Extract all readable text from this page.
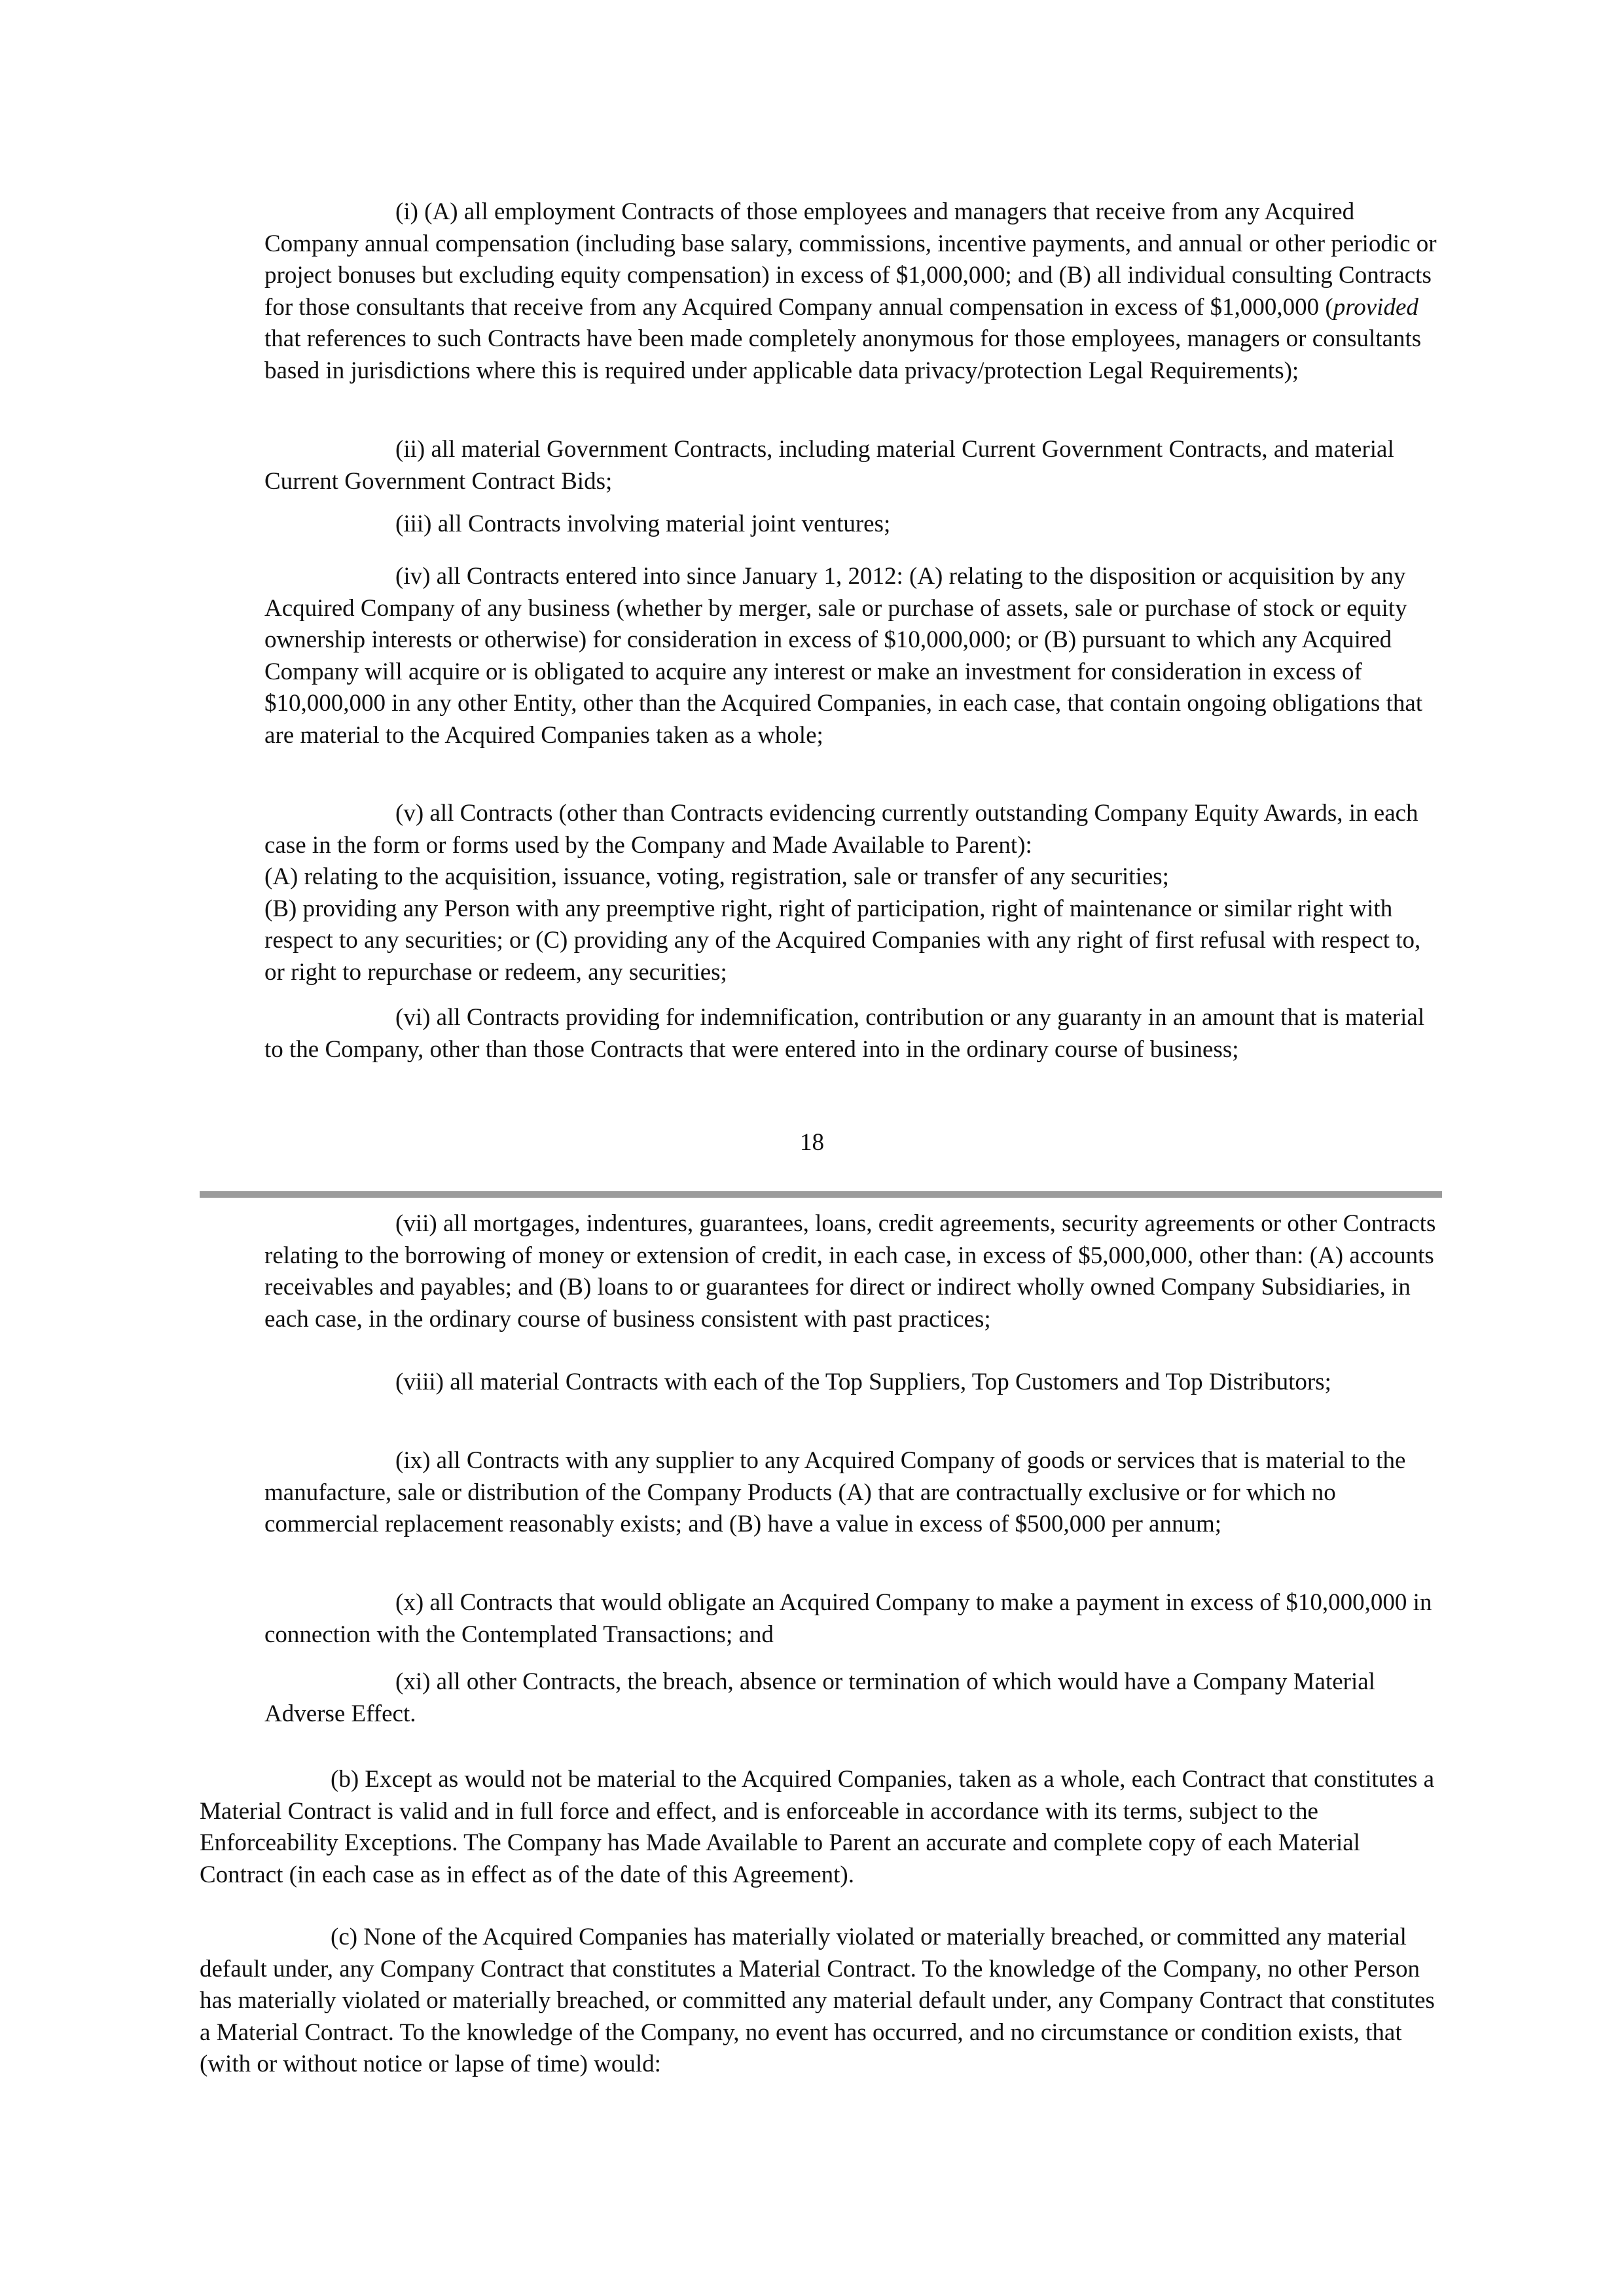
(i) (A) all employment Contracts of those employees and managers that receive from any Acquired Company annual compensation (including base salary, commissions, incentive payments, and annual or other periodic or project bonuses but excluding equity compensation) in excess of $1,000,000; and (B) all individual consulting Contracts for those consultants that receive from any Acquired Company annual compensation in excess of $1,000,000 (provided that references to such Contracts have been made completely anonymous for those employees, managers or consultants based in jurisdictions where this is required under applicable data privacy/protection Legal Requirements);

(ii) all material Government Contracts, including material Current Government Contracts, and material Current Government Contract Bids;

(iii) all Contracts involving material joint ventures;

(iv) all Contracts entered into since January 1, 2012: (A) relating to the disposition or acquisition by any Acquired Company of any business (whether by merger, sale or purchase of assets, sale or purchase of stock or equity ownership interests or otherwise) for consideration in excess of $10,000,000; or (B) pursuant to which any Acquired Company will acquire or is obligated to acquire any interest or make an investment for consideration in excess of $10,000,000 in any other Entity, other than the Acquired Companies, in each case, that contain ongoing obligations that are material to the Acquired Companies taken as a whole;

(v) all Contracts (other than Contracts evidencing currently outstanding Company Equity Awards, in each case in the form or forms used by the Company and Made Available to Parent):
(A) relating to the acquisition, issuance, voting, registration, sale or transfer of any securities;
(B) providing any Person with any preemptive right, right of participation, right of maintenance or similar right with respect to any securities; or (C) providing any of the Acquired Companies with any right of first refusal with respect to, or right to repurchase or redeem, any securities;

(vi) all Contracts providing for indemnification, contribution or any guaranty in an amount that is material to the Company, other than those Contracts that were entered into in the ordinary course of business;

18

(vii) all mortgages, indentures, guarantees, loans, credit agreements, security agreements or other Contracts relating to the borrowing of money or extension of credit, in each case, in excess of $5,000,000, other than: (A) accounts receivables and payables; and (B) loans to or guarantees for direct or indirect wholly owned Company Subsidiaries, in each case, in the ordinary course of business consistent with past practices;

(viii) all material Contracts with each of the Top Suppliers, Top Customers and Top Distributors;

(ix) all Contracts with any supplier to any Acquired Company of goods or services that is material to the manufacture, sale or distribution of the Company Products (A) that are contractually exclusive or for which no commercial replacement reasonably exists; and (B) have a value in excess of $500,000 per annum;

(x) all Contracts that would obligate an Acquired Company to make a payment in excess of $10,000,000 in connection with the Contemplated Transactions; and

(xi) all other Contracts, the breach, absence or termination of which would have a Company Material Adverse Effect.

(b) Except as would not be material to the Acquired Companies, taken as a whole, each Contract that constitutes a Material Contract is valid and in full force and effect, and is enforceable in accordance with its terms, subject to the Enforceability Exceptions. The Company has Made Available to Parent an accurate and complete copy of each Material Contract (in each case as in effect as of the date of this Agreement).

(c) None of the Acquired Companies has materially violated or materially breached, or committed any material default under, any Company Contract that constitutes a Material Contract. To the knowledge of the Company, no other Person has materially violated or materially breached, or committed any material default under, any Company Contract that constitutes a Material Contract. To the knowledge of the Company, no event has occurred, and no circumstance or condition exists, that (with or without notice or lapse of time) would:
